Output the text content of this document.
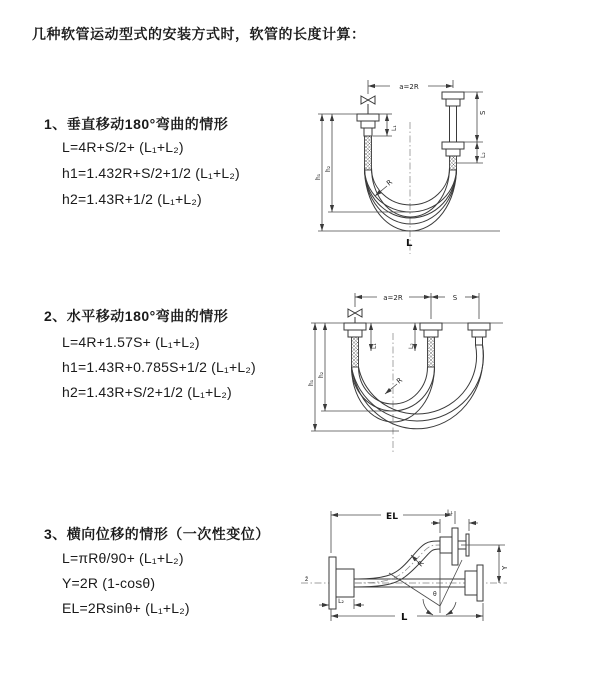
几种软管运动型式的安装方式时，软管的长度计算：
1、垂直移动180°弯曲的情形
L=4R+S/2+ (L₁+L₂)
h1=1.432R+S/2+1/2 (L₁+L₂)
h2=1.43R+1/2 (L₁+L₂)
2、水平移动180°弯曲的情形
L=4R+1.57S+ (L₁+L₂)
h1=1.43R+0.785S+1/2 (L₁+L₂)
h2=1.43R+S/2+1/2 (L₁+L₂)
3、横向位移的情形（一次性变位）
L=πRθ/90+ (L₁+L₂)
Y=2R (1-cosθ)
EL=2Rsinθ+ (L₁+L₂)
a=2R
L₁
S
L₂
h₁
h₂
R
L
a=2R	S
L₁	L₂
h₁
h₂
R
z̄
EL	L₁
Y
L
L₂
θ
R
